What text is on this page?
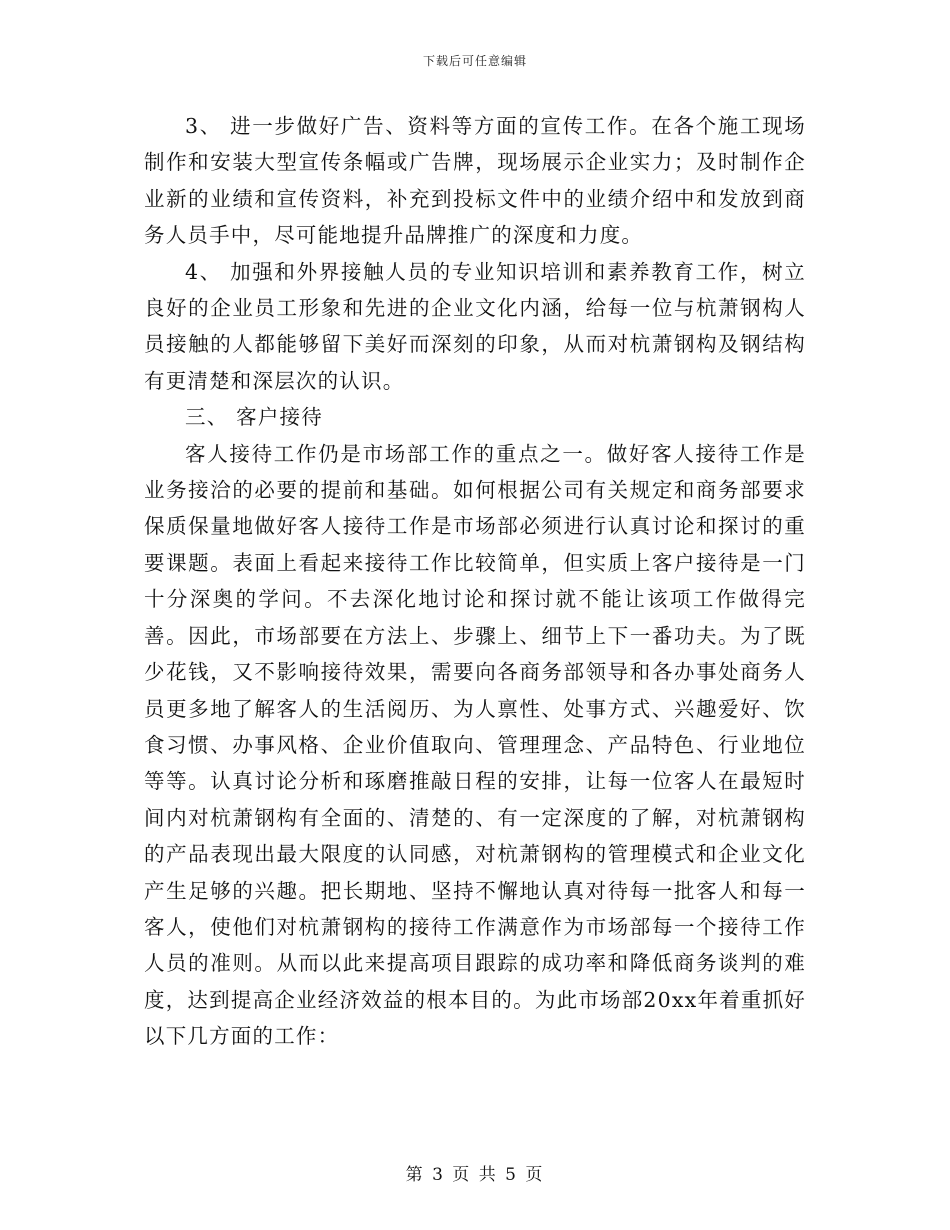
下载后可任意编辑

3、 进一步做好广告、资料等方面的宣传工作。在各个施工现场制作和安装大型宣传条幅或广告牌，现场展示企业实力；及时制作企业新的业绩和宣传资料，补充到投标文件中的业绩介绍中和发放到商务人员手中，尽可能地提升品牌推广的深度和力度。

4、 加强和外界接触人员的专业知识培训和素养教育工作，树立良好的企业员工形象和先进的企业文化内涵，给每一位与杭萧钢构人员接触的人都能够留下美好而深刻的印象，从而对杭萧钢构及钢结构有更清楚和深层次的认识。

三、 客户接待

客人接待工作仍是市场部工作的重点之一。做好客人接待工作是业务接洽的必要的提前和基础。如何根据公司有关规定和商务部要求保质保量地做好客人接待工作是市场部必须进行认真讨论和探讨的重要课题。表面上看起来接待工作比较简单，但实质上客户接待是一门十分深奥的学问。不去深化地讨论和探讨就不能让该项工作做得完善。因此，市场部要在方法上、步骤上、细节上下一番功夫。为了既少花钱，又不影响接待效果，需要向各商务部领导和各办事处商务人员更多地了解客人的生活阅历、为人禀性、处事方式、兴趣爱好、饮食习惯、办事风格、企业价值取向、管理理念、产品特色、行业地位等等。认真讨论分析和琢磨推敲日程的安排，让每一位客人在最短时间内对杭萧钢构有全面的、清楚的、有一定深度的了解，对杭萧钢构的产品表现出最大限度的认同感，对杭萧钢构的管理模式和企业文化产生足够的兴趣。把长期地、坚持不懈地认真对待每一批客人和每一客人，使他们对杭萧钢构的接待工作满意作为市场部每一个接待工作人员的准则。从而以此来提高项目跟踪的成功率和降低商务谈判的难度，达到提高企业经济效益的根本目的。为此市场部20xx年着重抓好以下几方面的工作：

第 3 页 共 5 页
